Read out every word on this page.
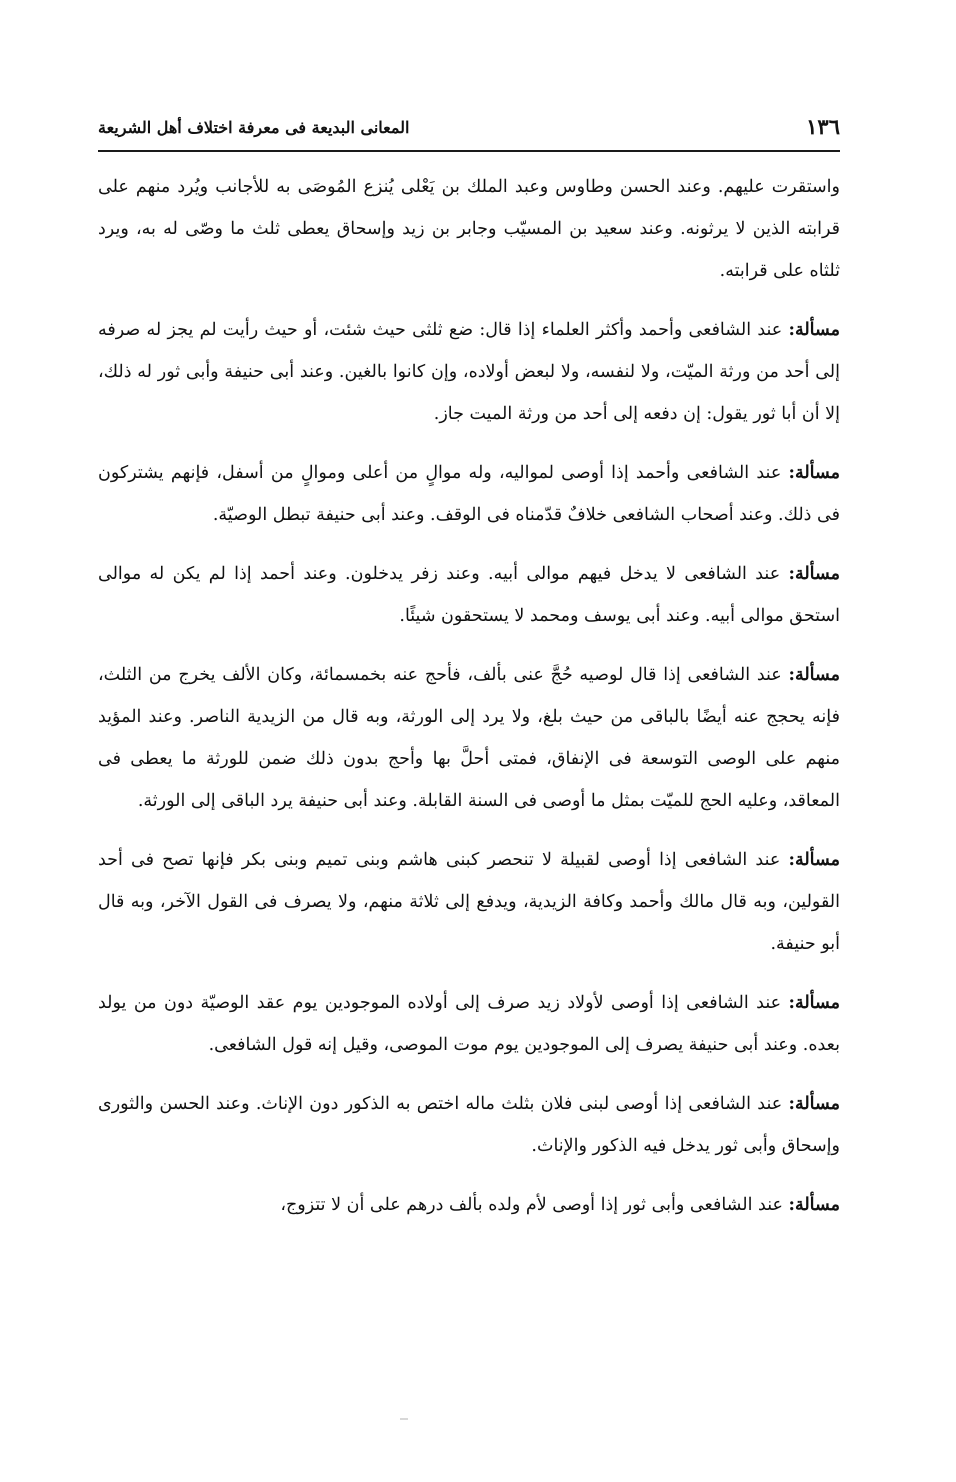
١٣٦
المعانى البديعة فى معرفة اختلاف أهل الشريعة

واستقرت عليهم. وعند الحسن وطاوس وعبد الملك بن يَعْلى يُنزع المُوصَى به للأجانب ويُرد منهم على قرابته الذين لا يرثونه. وعند سعيد بن المسيّب وجابر بن زيد وإسحاق يعطى ثلث ما وصّى له به، ويرد ثلثاه على قرابته.

مسألة: عند الشافعى وأحمد وأكثر العلماء إذا قال: ضع ثلثى حيث شئت، أو حيث رأيت لم يجز له صرفه إلى أحد من ورثة الميّت، ولا لنفسه، ولا لبعض أولاده، وإن كانوا بالغين. وعند أبى حنيفة وأبى ثور له ذلك، إلا أن أبا ثور يقول: إن دفعه إلى أحد من ورثة الميت جاز.

مسألة: عند الشافعى وأحمد إذا أوصى لمواليه، وله موالٍ من أعلى وموالٍ من أسفل، فإنهم يشتركون فى ذلك. وعند أصحاب الشافعى خلافٌ قدّمناه فى الوقف. وعند أبى حنيفة تبطل الوصيّة.

مسألة: عند الشافعى لا يدخل فيهم موالى أبيه. وعند زفر يدخلون. وعند أحمد إذا لم يكن له موالى استحق موالى أبيه. وعند أبى يوسف ومحمد لا يستحقون شيئًا.

مسألة: عند الشافعى إذا قال لوصيه حُجَّ عنى بألف، فأحج عنه بخمسمائة، وكان الألف يخرج من الثلث، فإنه يحجج عنه أيضًا بالباقى من حيث بلغ، ولا يرد إلى الورثة، وبه قال من الزيدية الناصر. وعند المؤيد منهم على الوصى التوسعة فى الإنفاق، فمتى أحلَّ بها وأحج بدون ذلك ضمن للورثة ما يعطى فى المعاقد، وعليه الحج للميّت بمثل ما أوصى فى السنة القابلة. وعند أبى حنيفة يرد الباقى إلى الورثة.

مسألة: عند الشافعى إذا أوصى لقبيلة لا تنحصر كبنى هاشم وبنى تميم وبنى بكر فإنها تصح فى أحد القولين، وبه قال مالك وأحمد وكافة الزيدية، ويدفع إلى ثلاثة منهم، ولا يصرف فى القول الآخر، وبه قال أبو حنيفة.

مسألة: عند الشافعى إذا أوصى لأولاد زيد صرف إلى أولاده الموجودين يوم عقد الوصيّة دون من يولد بعده. وعند أبى حنيفة يصرف إلى الموجودين يوم موت الموصى، وقيل إنه قول الشافعى.

مسألة: عند الشافعى إذا أوصى لبنى فلان بثلث ماله اختص به الذكور دون الإناث. وعند الحسن والثورى وإسحاق وأبى ثور يدخل فيه الذكور والإناث.

مسألة: عند الشافعى وأبى ثور إذا أوصى لأم ولده بألف درهم على أن لا تتزوج،
